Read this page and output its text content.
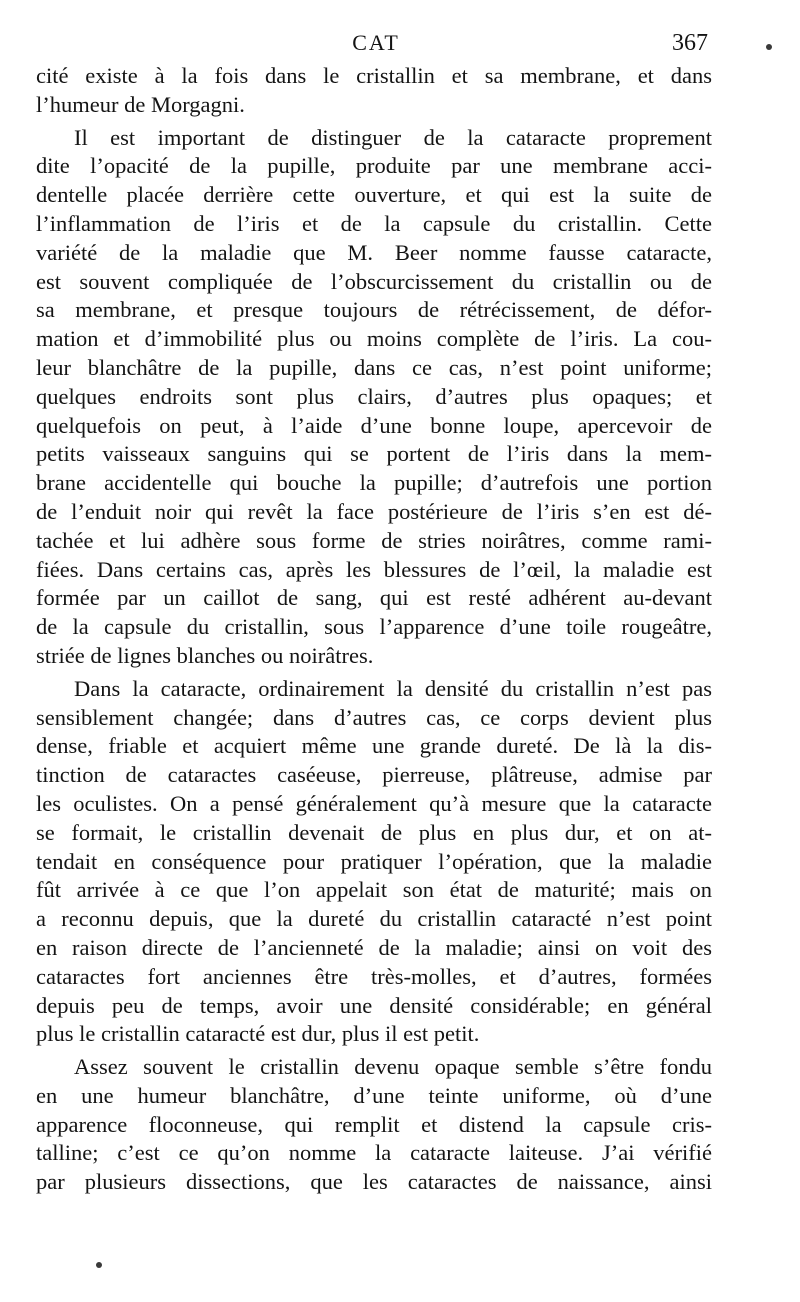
CAT	367
cité existe à la fois dans le cristallin et sa membrane, et dans
l’humeur de Morgagni.
Il est important de distinguer de la cataracte proprement
dite l’opacité de la pupille, produite par une membrane acci-
dentelle placée derrière cette ouverture, et qui est la suite de
l’inflammation de l’iris et de la capsule du cristallin. Cette
variété de la maladie que M. Beer nomme fausse cataracte,
est souvent compliquée de l’obscurcissement du cristallin ou de
sa membrane, et presque toujours de rétrécissement, de défor-
mation et d’immobilité plus ou moins complète de l’iris. La cou-
leur blanchâtre de la pupille, dans ce cas, n’est point uniforme;
quelques endroits sont plus clairs, d’autres plus opaques; et
quelquefois on peut, à l’aide d’une bonne loupe, apercevoir de
petits vaisseaux sanguins qui se portent de l’iris dans la mem-
brane accidentelle qui bouche la pupille; d’autrefois une portion
de l’enduit noir qui revêt la face postérieure de l’iris s’en est dé-
tachée et lui adhère sous forme de stries noirâtres, comme rami-
fiées. Dans certains cas, après les blessures de l’œil, la maladie est
formée par un caillot de sang, qui est resté adhérent au-devant
de la capsule du cristallin, sous l’apparence d’une toile rougeâtre,
striée de lignes blanches ou noirâtres.
Dans la cataracte, ordinairement la densité du cristallin n’est pas
sensiblement changée; dans d’autres cas, ce corps devient plus
dense, friable et acquiert même une grande dureté. De là la dis-
tinction de cataractes caséeuse, pierreuse, plâtreuse, admise par
les oculistes. On a pensé généralement qu’à mesure que la cataracte
se formait, le cristallin devenait de plus en plus dur, et on at-
tendait en conséquence pour pratiquer l’opération, que la maladie
fût arrivée à ce que l’on appelait son état de maturité; mais on
a reconnu depuis, que la dureté du cristallin cataracté n’est point
en raison directe de l’ancienneté de la maladie; ainsi on voit des
cataractes fort anciennes être très-molles, et d’autres, formées
depuis peu de temps, avoir une densité considérable; en général
plus le cristallin cataracté est dur, plus il est petit.
Assez souvent le cristallin devenu opaque semble s’être fondu
en une humeur blanchâtre, d’une teinte uniforme, où d’une
apparence floconneuse, qui remplit et distend la capsule cris-
talline; c’est ce qu’on nomme la cataracte laiteuse. J’ai vérifié
par plusieurs dissections, que les cataractes de naissance, ainsi
